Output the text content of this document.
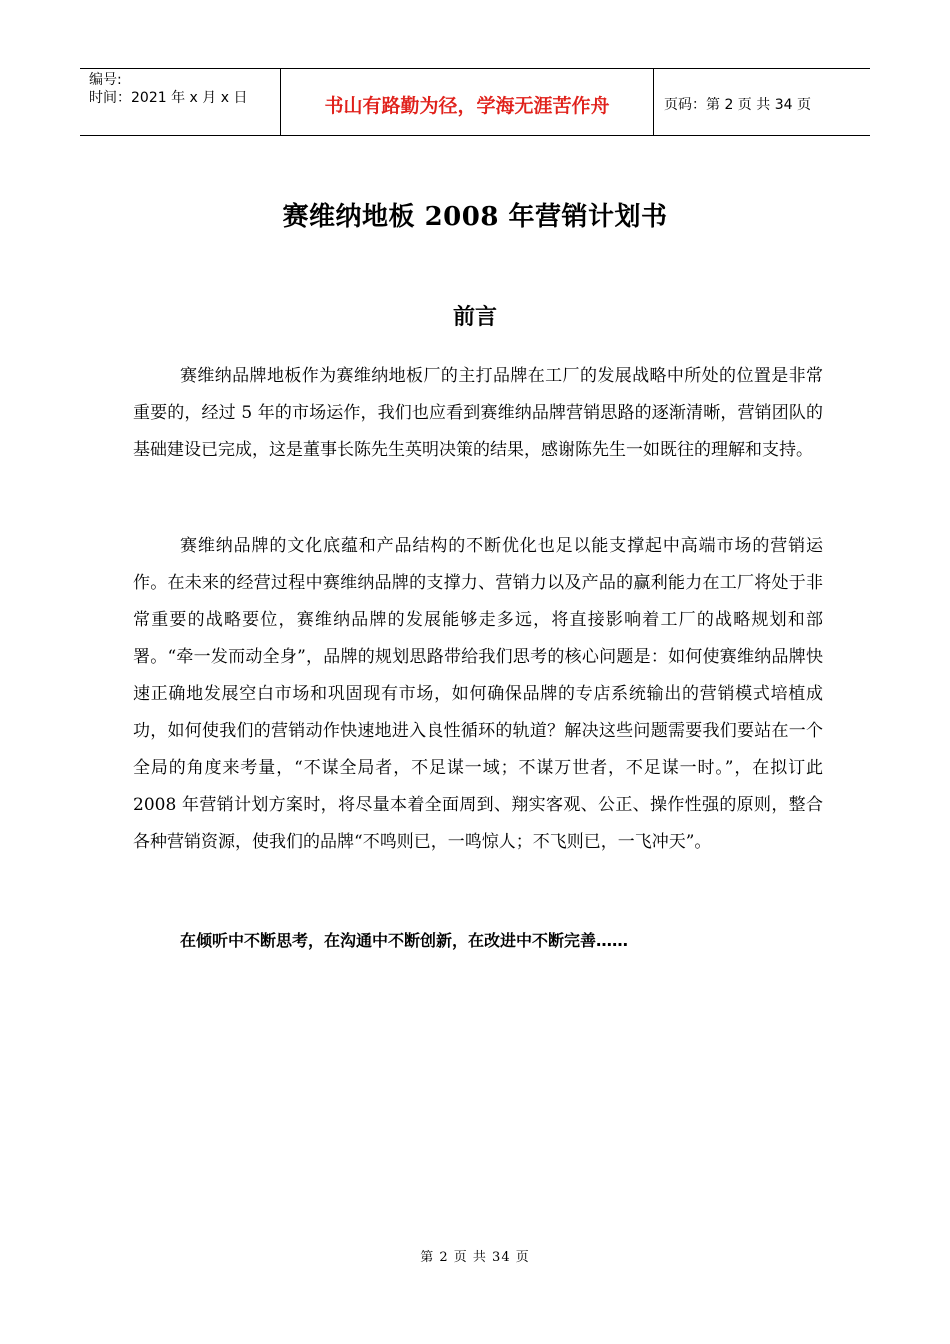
编号:
时间：2021 年 x 月 x 日	书山有路勤为径，学海无涯苦作舟	页码：第 2 页 共 34 页
赛维纳地板 2008 年营销计划书
前言

赛维纳品牌地板作为赛维纳地板厂的主打品牌在工厂的发展战略中所处的位置是非常重要的，经过 5 年的市场运作，我们也应看到赛维纳品牌营销思路的逐渐清晰，营销团队的基础建设已完成，这是董事长陈先生英明决策的结果，感谢陈先生一如既往的理解和支持。

赛维纳品牌的文化底蕴和产品结构的不断优化也足以能支撑起中高端市场的营销运作。在未来的经营过程中赛维纳品牌的支撑力、营销力以及产品的赢利能力在工厂将处于非常重要的战略要位，赛维纳品牌的发展能够走多远，将直接影响着工厂的战略规划和部署。“牵一发而动全身”，品牌的规划思路带给我们思考的核心问题是：如何使赛维纳品牌快速正确地发展空白市场和巩固现有市场，如何确保品牌的专店系统输出的营销模式培植成功，如何使我们的营销动作快速地进入良性循环的轨道？解决这些问题需要我们要站在一个全局的角度来考量，“不谋全局者，不足谋一域；不谋万世者，不足谋一时。”，在拟订此 2008 年营销计划方案时，将尽量本着全面周到、翔实客观、公正、操作性强的原则，整合各种营销资源，使我们的品牌“不鸣则已，一鸣惊人；不飞则已，一飞冲天”。

在倾听中不断思考，在沟通中不断创新，在改进中不断完善……
第 2 页 共 34 页
